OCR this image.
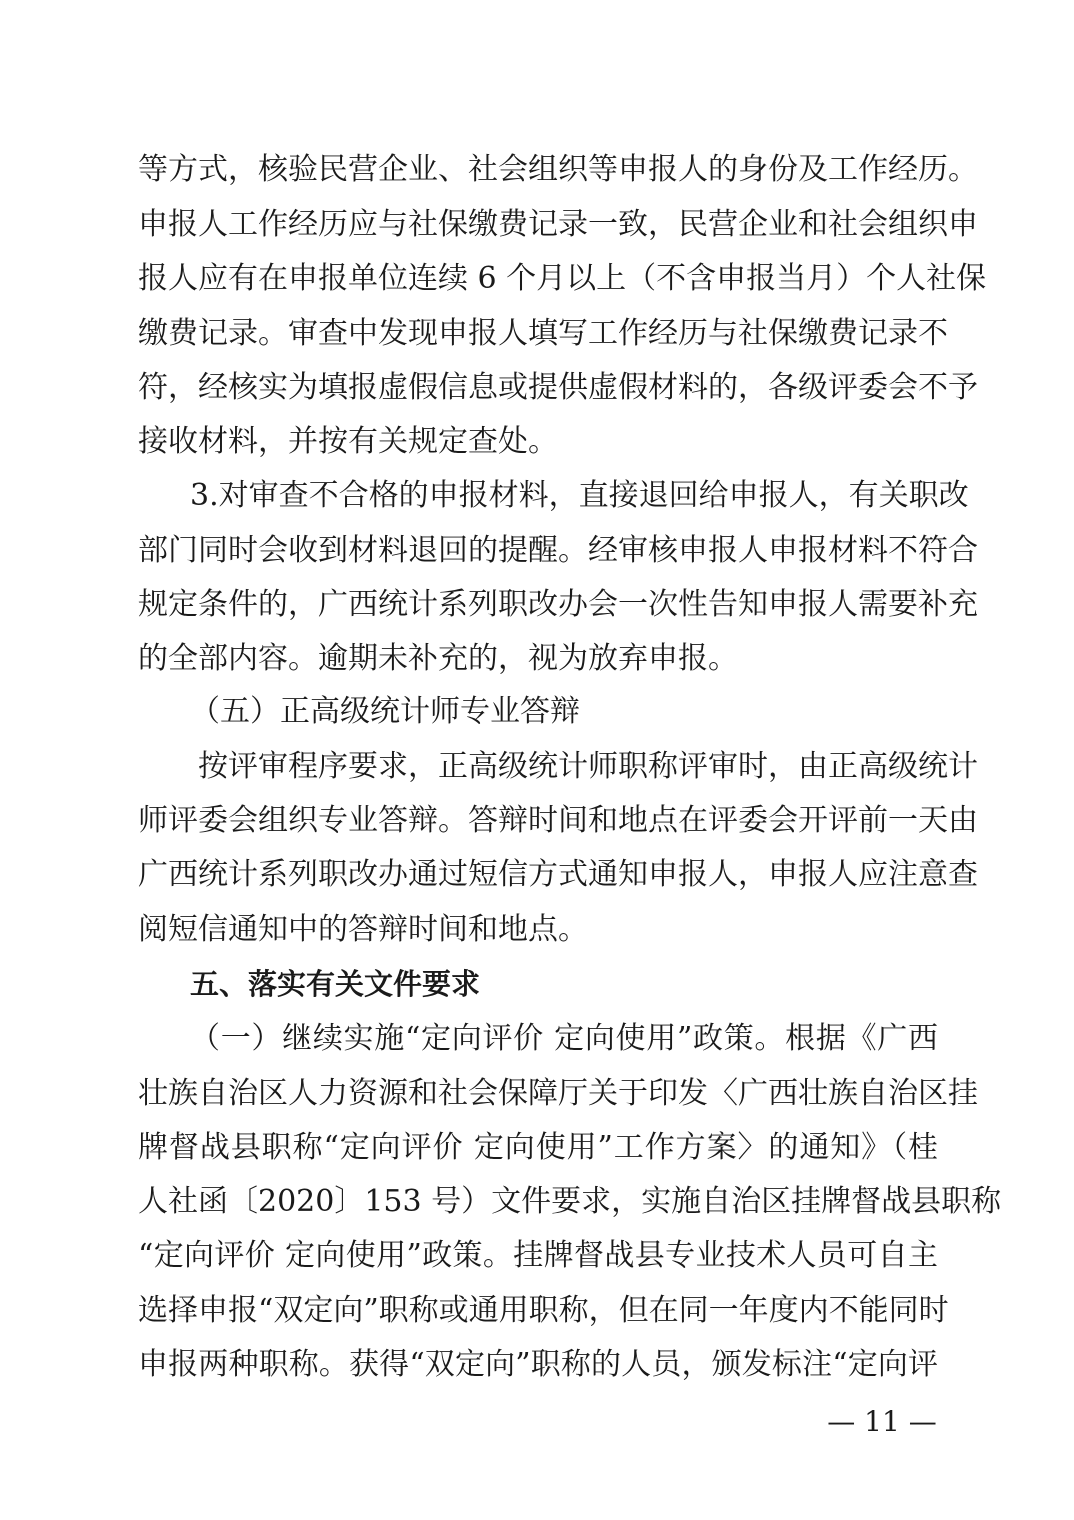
等方式，核验民营企业、社会组织等申报人的身份及工作经历。
申报人工作经历应与社保缴费记录一致，民营企业和社会组织申
报人应有在申报单位连续 6 个月以上（不含申报当月）个人社保
缴费记录。审查中发现申报人填写工作经历与社保缴费记录不
符，经核实为填报虚假信息或提供虚假材料的，各级评委会不予
接收材料，并按有关规定查处。
3.对审查不合格的申报材料，直接退回给申报人，有关职改
部门同时会收到材料退回的提醒。经审核申报人申报材料不符合
规定条件的，广西统计系列职改办会一次性告知申报人需要补充
的全部内容。逾期未补充的，视为放弃申报。
（五）正高级统计师专业答辩
按评审程序要求，正高级统计师职称评审时，由正高级统计
师评委会组织专业答辩。答辩时间和地点在评委会开评前一天由
广西统计系列职改办通过短信方式通知申报人，申报人应注意查
阅短信通知中的答辩时间和地点。
五、落实有关文件要求
（一）继续实施“定向评价 定向使用”政策。根据《广西
壮族自治区人力资源和社会保障厅关于印发〈广西壮族自治区挂
牌督战县职称“定向评价 定向使用”工作方案〉的通知》（桂
人社函〔2020〕153 号）文件要求，实施自治区挂牌督战县职称
“定向评价 定向使用”政策。挂牌督战县专业技术人员可自主
选择申报“双定向”职称或通用职称，但在同一年度内不能同时
申报两种职称。获得“双定向”职称的人员，颁发标注“定向评
— 11 —
